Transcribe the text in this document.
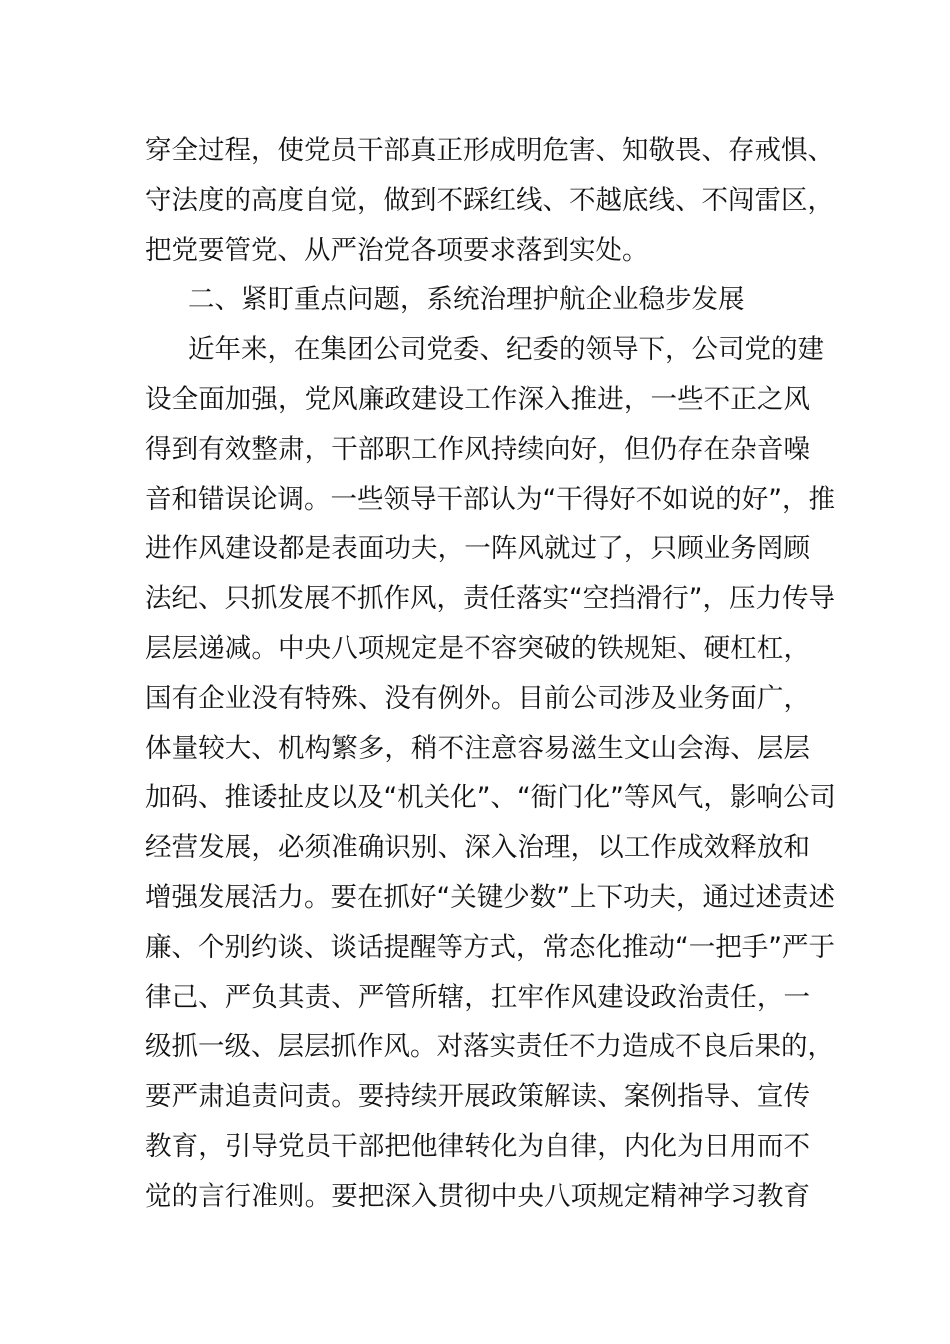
穿全过程，使党员干部真正形成明危害、知敬畏、存戒惧、
守法度的高度自觉，做到不踩红线、不越底线、不闯雷区，
把党要管党、从严治党各项要求落到实处。
二、紧盯重点问题，系统治理护航企业稳步发展
近年来，在集团公司党委、纪委的领导下，公司党的建
设全面加强，党风廉政建设工作深入推进，一些不正之风
得到有效整肃，干部职工作风持续向好，但仍存在杂音噪
音和错误论调。一些领导干部认为“干得好不如说的好”，推
进作风建设都是表面功夫，一阵风就过了，只顾业务罔顾
法纪、只抓发展不抓作风，责任落实“空挡滑行”，压力传导
层层递减。中央八项规定是不容突破的铁规矩、硬杠杠，
国有企业没有特殊、没有例外。目前公司涉及业务面广，
体量较大、机构繁多，稍不注意容易滋生文山会海、层层
加码、推诿扯皮以及“机关化”、“衙门化”等风气，影响公司
经营发展，必须准确识别、深入治理，以工作成效释放和
增强发展活力。要在抓好“关键少数”上下功夫，通过述责述
廉、个别约谈、谈话提醒等方式，常态化推动“一把手”严于
律己、严负其责、严管所辖，扛牢作风建设政治责任，一
级抓一级、层层抓作风。对落实责任不力造成不良后果的，
要严肃追责问责。要持续开展政策解读、案例指导、宣传
教育，引导党员干部把他律转化为自律，内化为日用而不
觉的言行准则。要把深入贯彻中央八项规定精神学习教育
